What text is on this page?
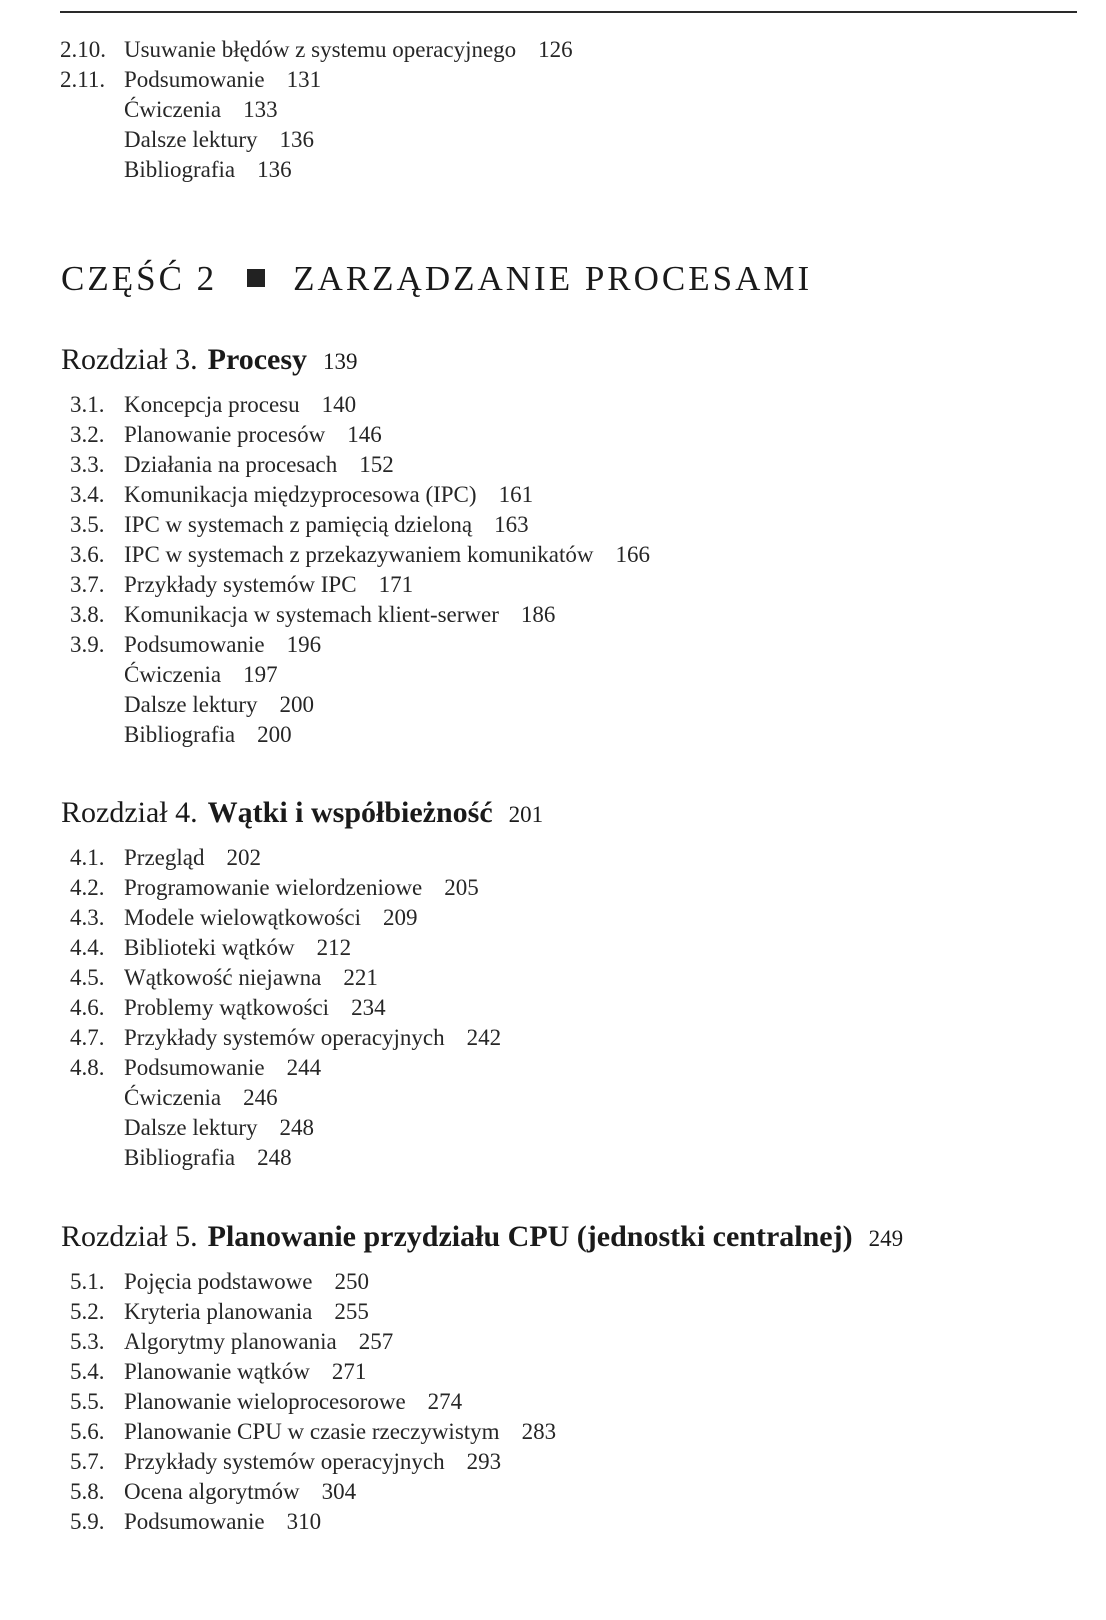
2.10. Usuwanie błędów z systemu operacyjnego 126
2.11. Podsumowanie 131
Ćwiczenia 133
Dalsze lektury 136
Bibliografia 136
CZĘŚĆ 2 ZARZĄDZANIE PROCESAMI
Rozdział 3. Procesy 139
3.1. Koncepcja procesu 140
3.2. Planowanie procesów 146
3.3. Działania na procesach 152
3.4. Komunikacja międzyprocesowa (IPC) 161
3.5. IPC w systemach z pamięcią dzieloną 163
3.6. IPC w systemach z przekazywaniem komunikatów 166
3.7. Przykłady systemów IPC 171
3.8. Komunikacja w systemach klient-serwer 186
3.9. Podsumowanie 196
Ćwiczenia 197
Dalsze lektury 200
Bibliografia 200
Rozdział 4. Wątki i współbieżność 201
4.1. Przegląd 202
4.2. Programowanie wielordzeniowe 205
4.3. Modele wielowątkowości 209
4.4. Biblioteki wątków 212
4.5. Wątkowość niejawna 221
4.6. Problemy wątkowości 234
4.7. Przykłady systemów operacyjnych 242
4.8. Podsumowanie 244
Ćwiczenia 246
Dalsze lektury 248
Bibliografia 248
Rozdział 5. Planowanie przydziału CPU (jednostki centralnej) 249
5.1. Pojęcia podstawowe 250
5.2. Kryteria planowania 255
5.3. Algorytmy planowania 257
5.4. Planowanie wątków 271
5.5. Planowanie wieloprocesorowe 274
5.6. Planowanie CPU w czasie rzeczywistym 283
5.7. Przykłady systemów operacyjnych 293
5.8. Ocena algorytmów 304
5.9. Podsumowanie 310
